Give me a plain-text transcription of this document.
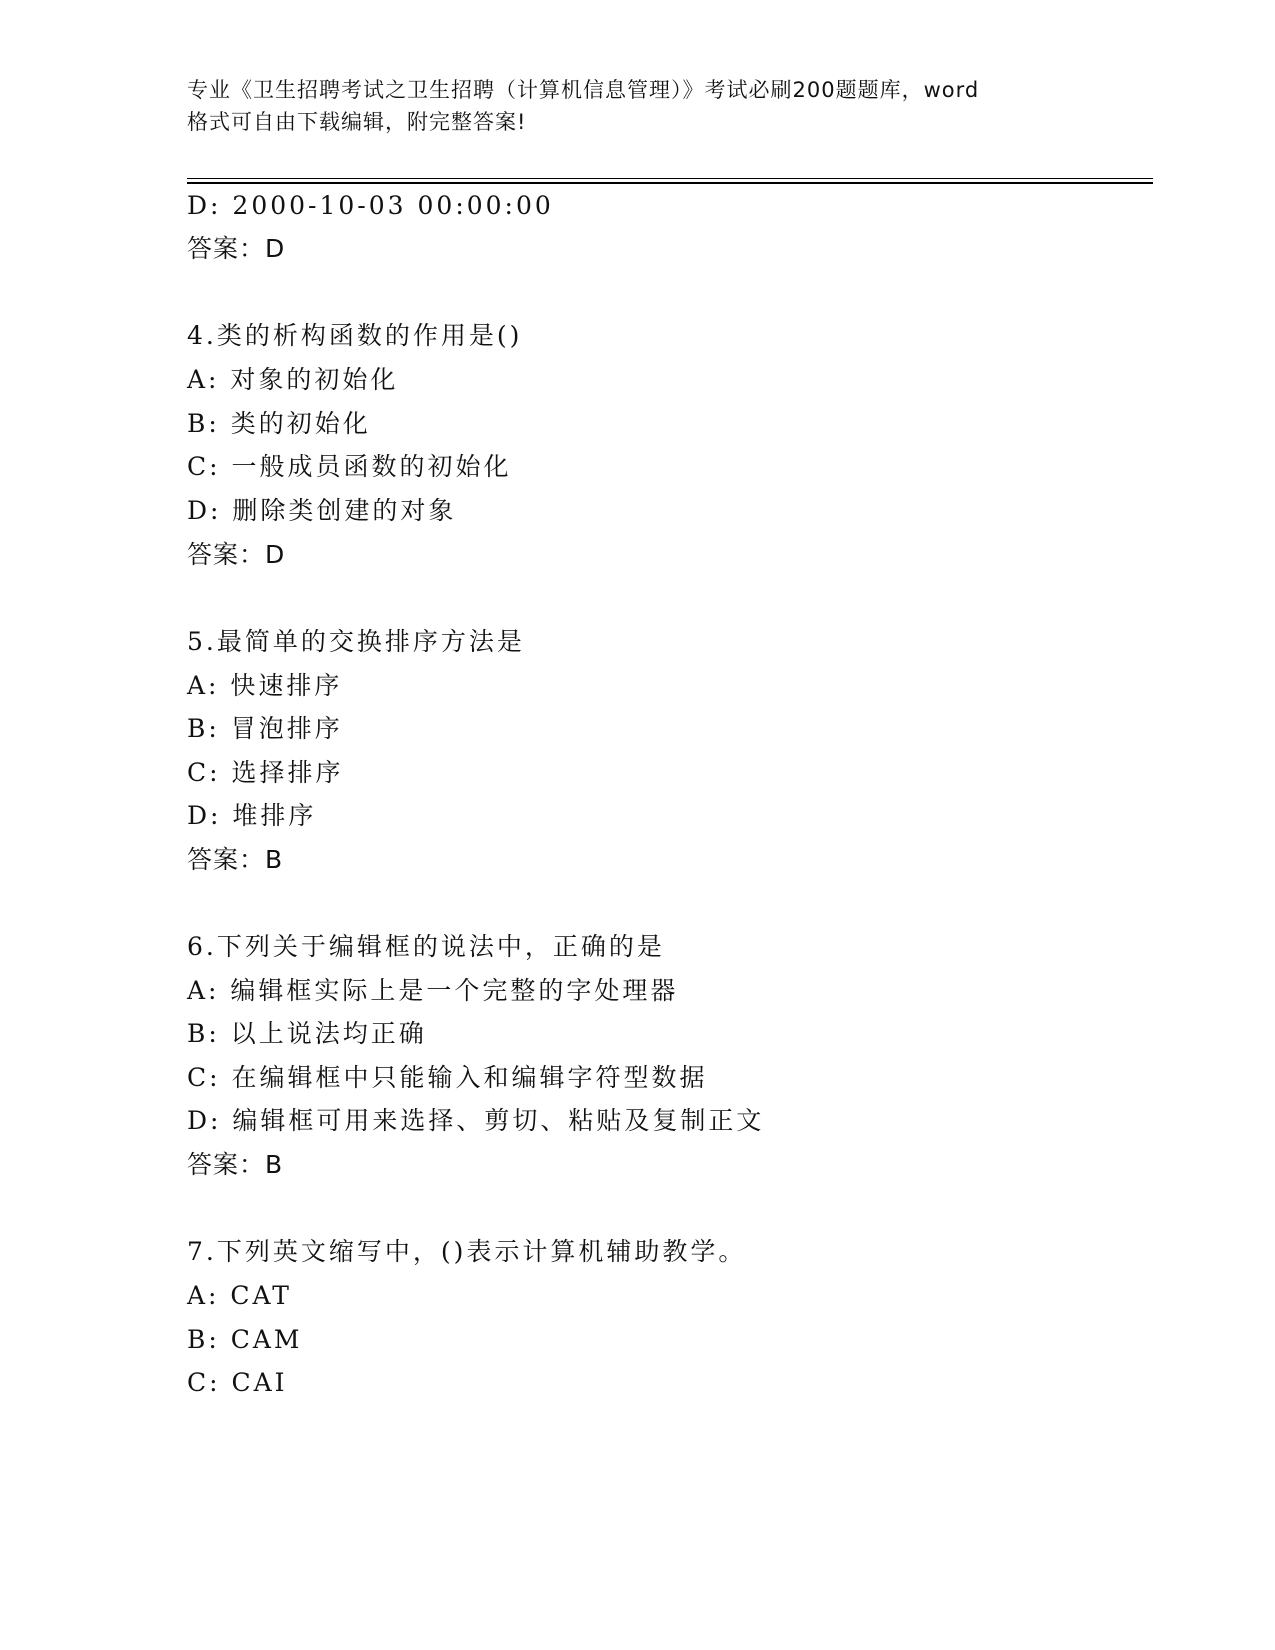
专业《卫生招聘考试之卫生招聘（计算机信息管理）》考试必刷200题题库，word
格式可自由下载编辑，附完整答案!
D: 2000-10-03 00:00:00
答案：D
4.类的析构函数的作用是()
A: 对象的初始化
B: 类的初始化
C: 一般成员函数的初始化
D: 删除类创建的对象
答案：D
5.最简单的交换排序方法是
A: 快速排序
B: 冒泡排序
C: 选择排序
D: 堆排序
答案：B
6.下列关于编辑框的说法中，正确的是
A: 编辑框实际上是一个完整的字处理器
B: 以上说法均正确
C: 在编辑框中只能输入和编辑字符型数据
D: 编辑框可用来选择、剪切、粘贴及复制正文
答案：B
7.下列英文缩写中，()表示计算机辅助教学。
A: CAT
B: CAM
C: CAI
